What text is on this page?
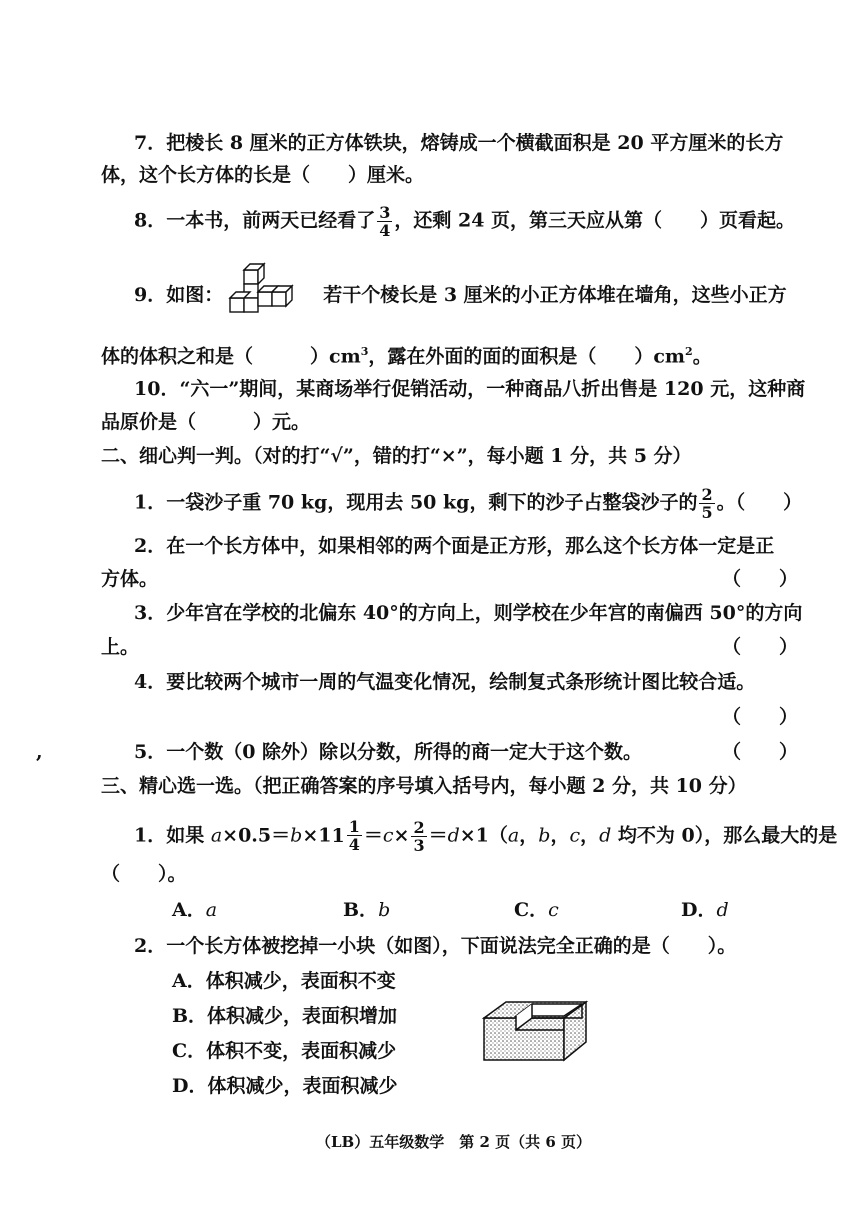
7．把棱长 8 厘米的正方体铁块，熔铸成一个横截面积是 20 平方厘米的长方
体，这个长方体的长是（　　）厘米。
8．一本书，前两天已经看了 $\frac{3}{4}$ ，还剩 24 页，第三天应从第（　　）页看起。
9．如图：	若干个棱长是 3 厘米的小正方体堆在墙角，这些小正方
体的体积之和是（　　　）$cm^3$，露在外面的面的面积是（　　）$cm^2$。
10．“六一”期间，某商场举行促销活动，一种商品八折出售是 120 元，这种商
品原价是（　　　）元。
二、细心判一判。（对的打“√”，错的打“×”，每小题 1 分，共 5 分）
1．一袋沙子重 70 kg，现用去 50 kg，剩下的沙子占整袋沙子的 $\frac{2}{5}$ 。（　　）
2．在一个长方体中，如果相邻的两个面是正方形，那么这个长方体一定是正
方体。	（　　）
3．少年宫在学校的北偏东 40°的方向上，则学校在少年宫的南偏西 50°的方向
上。	（　　）
4．要比较两个城市一周的气温变化情况，绘制复式条形统计图比较合适。
（　　）
,	5．一个数（0 除外）除以分数，所得的商一定大于这个数。	（　　）
三、精心选一选。（把正确答案的序号填入括号内，每小题 2 分，共 10 分）
1．如果 a×0.5＝b×1 $1 \frac{1}{4} =c\times \frac{2}{3} =d\times 1(a$，b，c，d 均不为 0），那么最大的是
（　　）。
A．a	B．b	C．c	D．d
2．一个长方体被挖掉一小块（如图），下面说法完全正确的是（　　）。
A．体积减少，表面积不变
B．体积减少，表面积增加
C．体积不变，表面积减少
D．体积减少，表面积减少
（LB）五年级数学　第 2 页（共 6 页）
